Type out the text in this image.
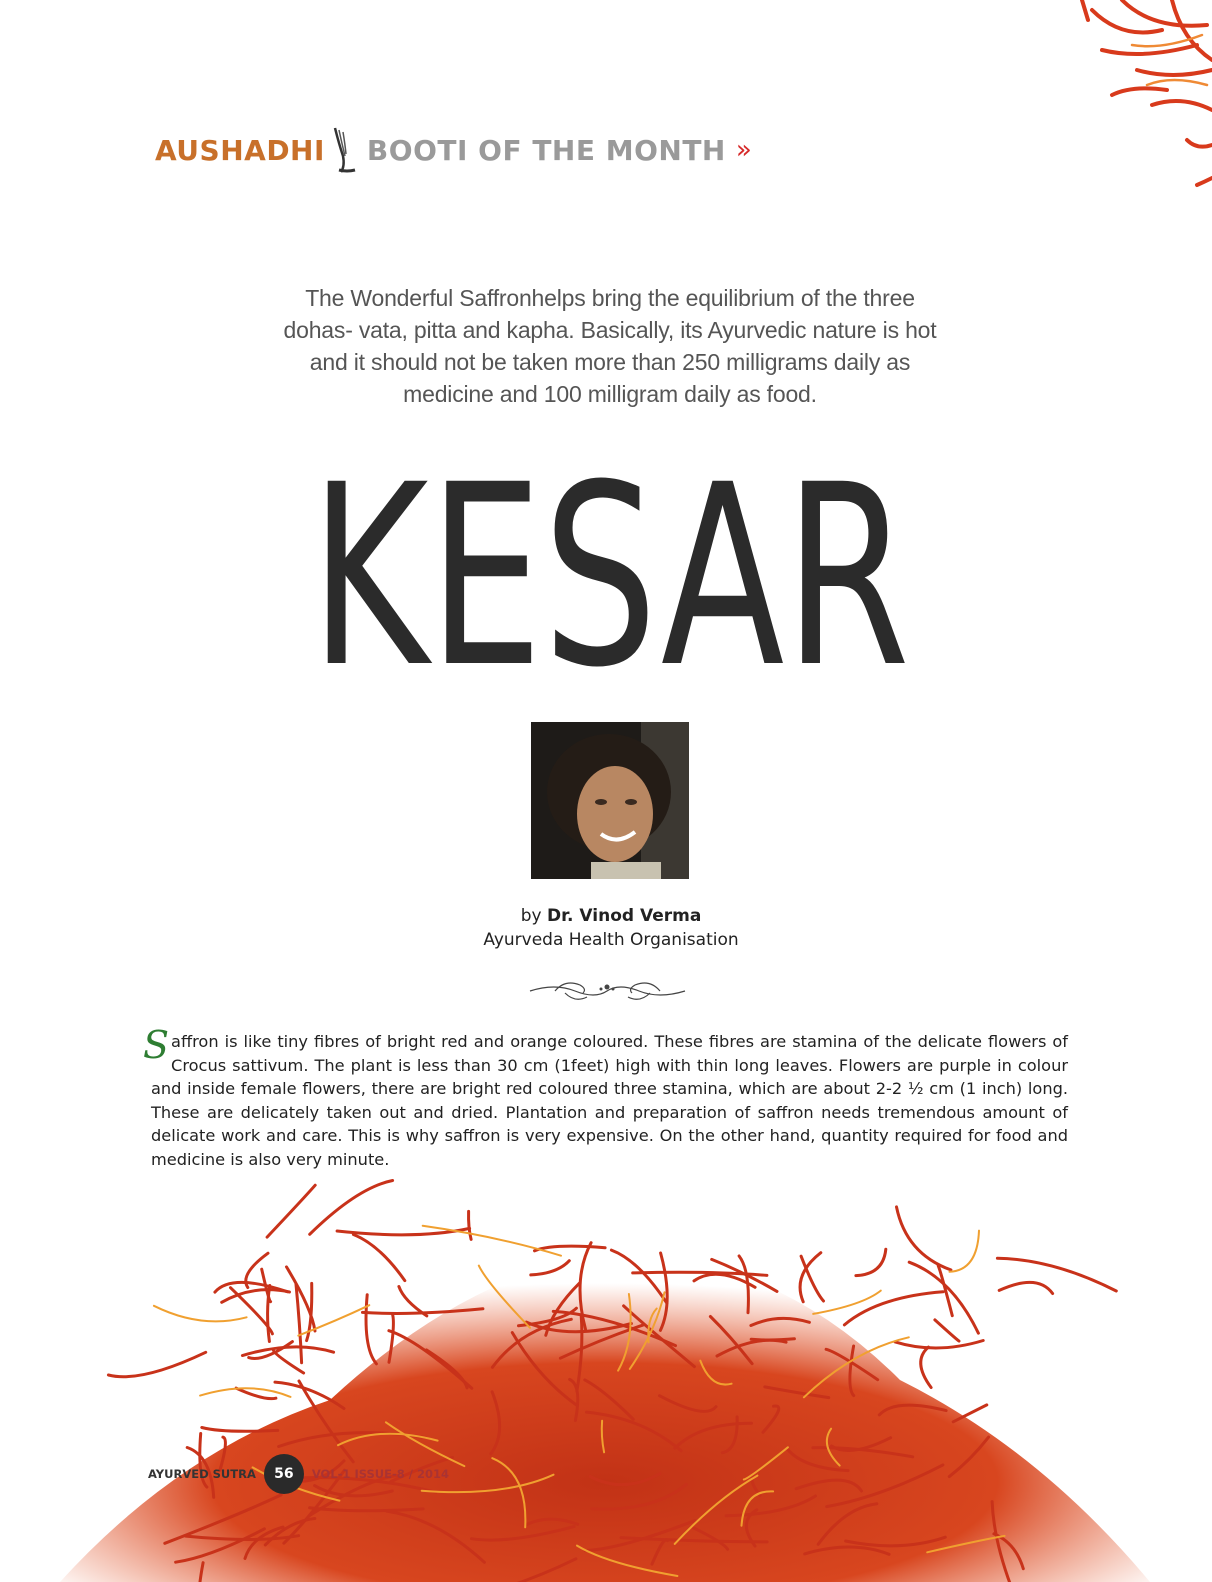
AUSHADHI BOOTI OF THE MONTH »
The Wonderful Saffronhelps bring the equilibrium of the three dohas- vata, pitta and kapha. Basically, its Ayurvedic nature is hot and it should not be taken more than 250 milligrams daily as medicine and 100 milligram daily as food.
KESAR
by Dr. Vinod Verma
Ayurveda Health Organisation
Saffron is like tiny fibres of bright red and orange coloured. These fibres are stamina of the delicate flowers of Crocus sattivum. The plant is less than 30 cm (1feet) high with thin long leaves. Flowers are purple in colour and inside female flowers, there are bright red coloured three stamina, which are about 2-2 ½ cm (1 inch) long. These are delicately taken out and dried. Plantation and preparation of saffron needs tremendous amount of delicate work and care. This is why saffron is very expensive. On the other hand, quantity required for food and medicine is also very minute.
AYURVED SUTRA	56	VOL-1 ISSUE-8 / 2014
